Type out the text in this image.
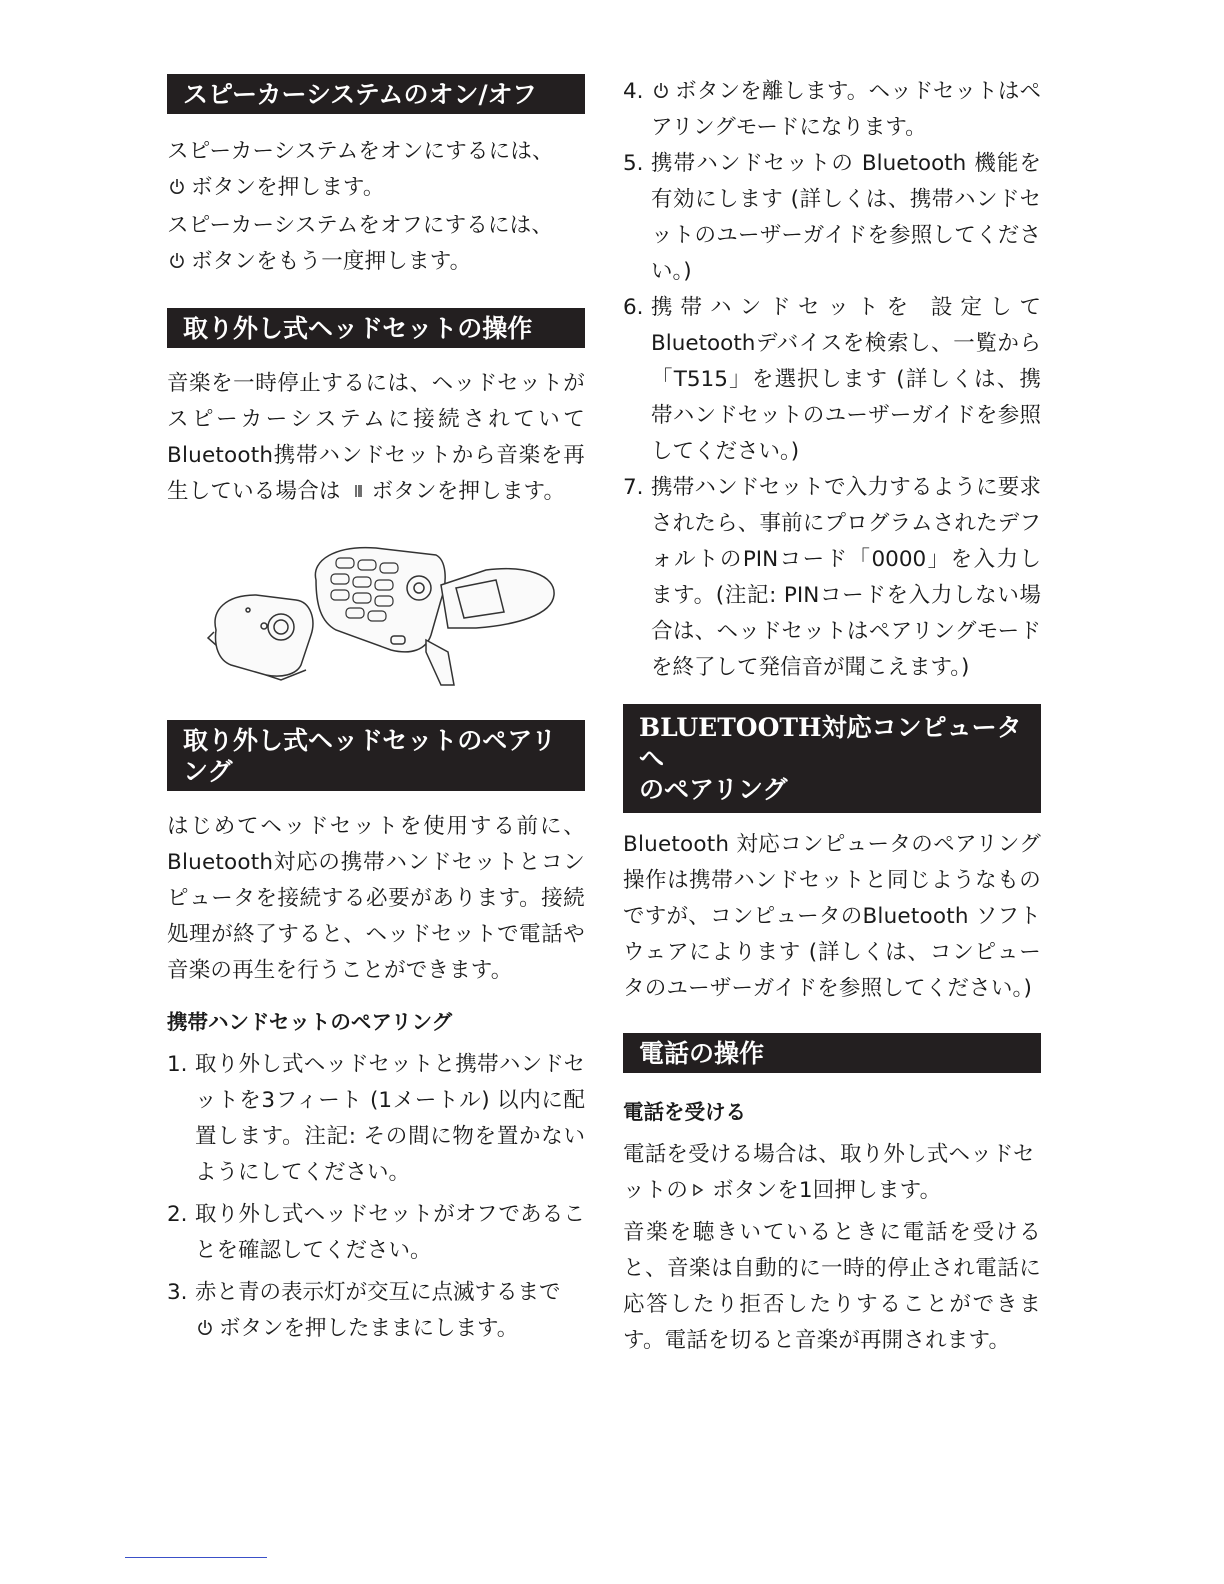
スピーカーシステムのオン/オフ

スピーカーシステムをオンにするには、
ボタンを押します。

スピーカーシステムをオフにするには、
ボタンをもう一度押します。

取り外し式ヘッドセットの操作

音楽を一時停止するには、ヘッドセットがスピーカーシステムに接続されていてBluetooth携帯ハンドセットから音楽を再生している場合は ボタンを押します。

取り外し式ヘッドセットのペアリング

はじめてヘッドセットを使用する前に、Bluetooth対応の携帯ハンドセットとコンピュータを接続する必要があります。接続処理が終了すると、ヘッドセットで電話や音楽の再生を行うことができます。

携帯ハンドセットのペアリング
1. 取り外し式ヘッドセットと携帯ハンドセットを3フィート (1メートル) 以内に配置します。注記: その間に物を置かないようにしてください。
2. 取り外し式ヘッドセットがオフであることを確認してください。
3. 赤と青の表示灯が交互に点滅するまで
ボタンを押したままにします。
4. ボタンを離します。ヘッドセットはペアリングモードになります。
5. 携帯ハンドセットの Bluetooth 機能を有効にします (詳しくは、携帯ハンドセットのユーザーガイドを参照してください。)
6. 携帯ハンドセットを 設定してBluetoothデバイスを検索し、一覧から「T515」を選択します (詳しくは、携帯ハンドセットのユーザーガイドを参照してください。)
7. 携帯ハンドセットで入力するように要求されたら、事前にプログラムされたデフォルトのPINコード「0000」を入力します。(注記: PINコードを入力しない場合は、ヘッドセットはペアリングモードを終了して発信音が聞こえます。)
BLUETOOTH対応コンピュータへ
のペアリング

Bluetooth 対応コンピュータのペアリング操作は携帯ハンドセットと同じようなものですが、コンピュータのBluetooth ソフトウェアによります (詳しくは、コンピュータのユーザーガイドを参照してください。)

電話の操作
電話を受ける

電話を受ける場合は、取り外し式ヘッドセットの ボタンを1回押します。

音楽を聴きいているときに電話を受けると、音楽は自動的に一時的停止され電話に応答したり拒否したりすることができます。電話を切ると音楽が再開されます。
